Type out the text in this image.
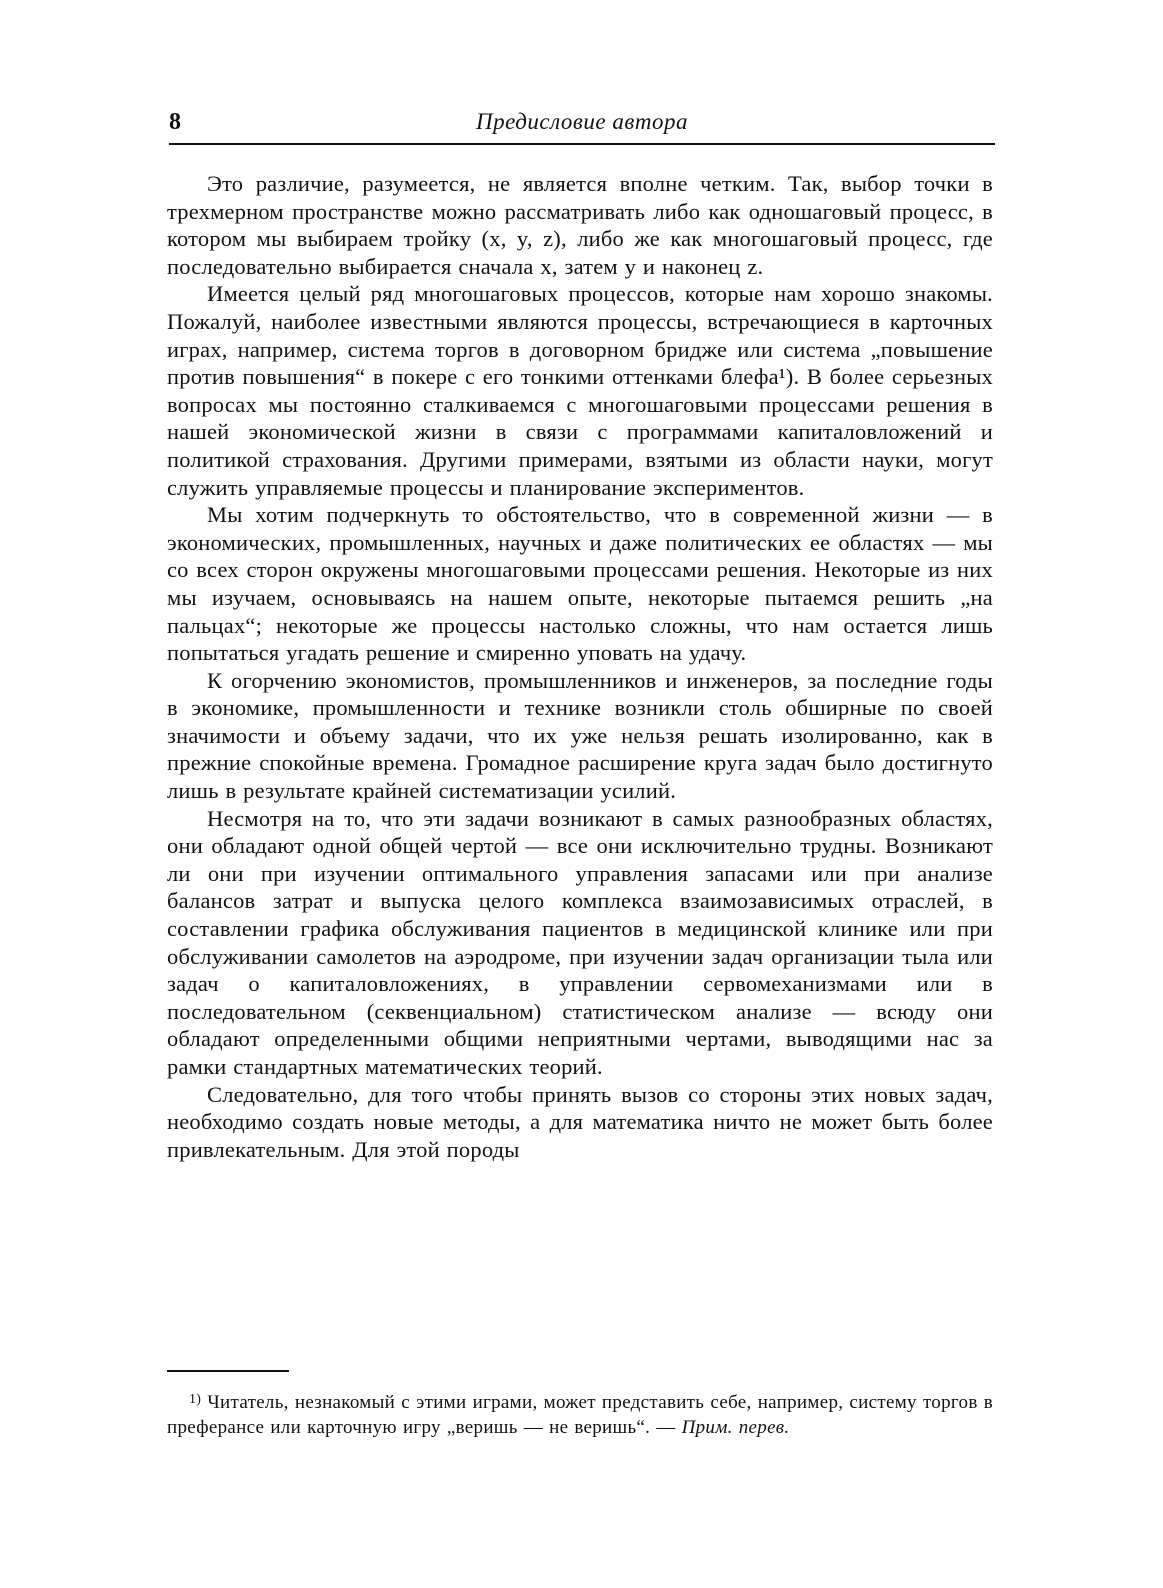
8	Предисловие автора

Это различие, разумеется, не является вполне четким. Так, выбор точки в трехмерном пространстве можно рассматривать либо как одношаговый процесс, в котором мы выбираем тройку (x, y, z), либо же как многошаговый процесс, где последовательно выбирается сначала x, затем y и наконец z.

Имеется целый ряд многошаговых процессов, которые нам хорошо знакомы. Пожалуй, наиболее известными являются процессы, встречающиеся в карточных играх, например, система торгов в договорном бридже или система „повышение против повышения“ в покере с его тонкими оттенками блефа¹). В более серьезных вопросах мы постоянно сталкиваемся с многошаговыми процессами решения в нашей экономической жизни в связи с программами капиталовложений и политикой страхования. Другими примерами, взятыми из области науки, могут служить управляемые процессы и планирование экспериментов.

Мы хотим подчеркнуть то обстоятельство, что в современной жизни — в экономических, промышленных, научных и даже политических ее областях — мы со всех сторон окружены многошаговыми процессами решения. Некоторые из них мы изучаем, основываясь на нашем опыте, некоторые пытаемся решить „на пальцах“; некоторые же процессы настолько сложны, что нам остается лишь попытаться угадать решение и смиренно уповать на удачу.

К огорчению экономистов, промышленников и инженеров, за последние годы в экономике, промышленности и технике возникли столь обширные по своей значимости и объему задачи, что их уже нельзя решать изолированно, как в прежние спокойные времена. Громадное расширение круга задач было достигнуто лишь в результате крайней систематизации усилий.

Несмотря на то, что эти задачи возникают в самых разнообразных областях, они обладают одной общей чертой — все они исключительно трудны. Возникают ли они при изучении оптимального управления запасами или при анализе балансов затрат и выпуска целого комплекса взаимозависимых отраслей, в составлении графика обслуживания пациентов в медицинской клинике или при обслуживании самолетов на аэродроме, при изучении задач организации тыла или задач о капиталовложениях, в управлении сервомеханизмами или в последовательном (секвенциальном) статистическом анализе — всюду они обладают определенными общими неприятными чертами, выводящими нас за рамки стандартных математических теорий.

Следовательно, для того чтобы принять вызов со стороны этих новых задач, необходимо создать новые методы, а для математика ничто не может быть более привлекательным. Для этой породы

$^{1)}$ Читатель, незнакомый с этими играми, может представить себе, например, систему торгов в преферансе или карточную игру „веришь — не веришь“. — Прим. перев.
